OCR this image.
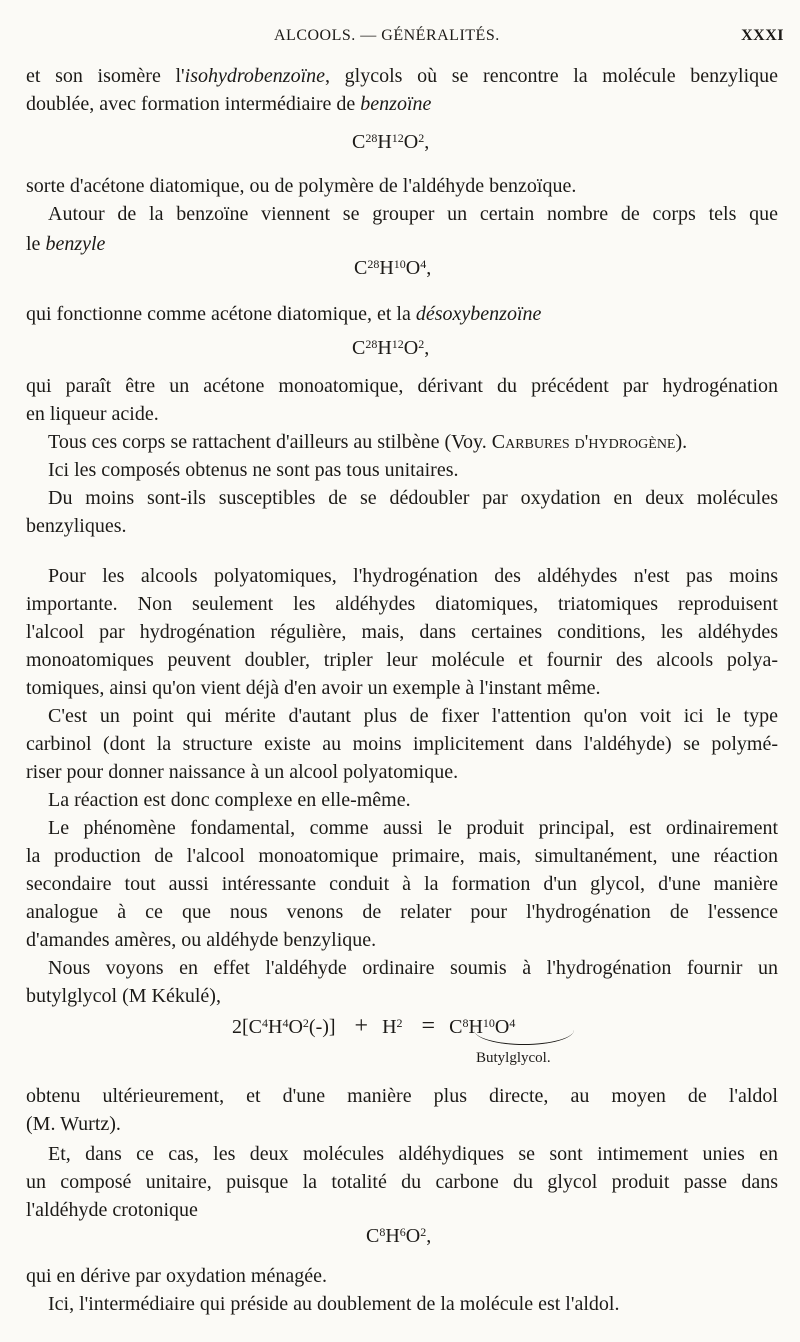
ALCOOLS. — GÉNÉRALITÉS.	XXXI
et son isomère l'isohydrobenzoïne, glycols où se rencontre la molécule benzylique
doublée, avec formation intermédiaire de benzoïne
$C^{28}H^{12}O^2$,
sorte d'acétone diatomique, ou de polymère de l'aldéhyde benzoïque.
Autour de la benzoïne viennent se grouper un certain nombre de corps tels que
le benzyle
$C^{28}H^{10}O^4$,
qui fonctionne comme acétone diatomique, et la désoxybenzoïne
$C^{28}H^{12}O^2$,
qui paraît être un acétone monoatomique, dérivant du précédent par hydrogénation
en liqueur acide.
Tous ces corps se rattachent d'ailleurs au stilbène (Voy. Carbures d'hydrogène).
Ici les composés obtenus ne sont pas tous unitaires.
Du moins sont-ils susceptibles de se dédoubler par oxydation en deux molécules
benzyliques.
Pour les alcools polyatomiques, l'hydrogénation des aldéhydes n'est pas moins
importante. Non seulement les aldéhydes diatomiques, triatomiques reproduisent
l'alcool par hydrogénation régulière, mais, dans certaines conditions, les aldéhydes
monoatomiques peuvent doubler, tripler leur molécule et fournir des alcools polya-
tomiques, ainsi qu'on vient déjà d'en avoir un exemple à l'instant même.
C'est un point qui mérite d'autant plus de fixer l'attention qu'on voit ici le type
carbinol (dont la structure existe au moins implicitement dans l'aldéhyde) se polymé-
riser pour donner naissance à un alcool polyatomique.
La réaction est donc complexe en elle-même.
Le phénomène fondamental, comme aussi le produit principal, est ordinairement
la production de l'alcool monoatomique primaire, mais, simultanément, une réaction
secondaire tout aussi intéressante conduit à la formation d'un glycol, d'une manière
analogue à ce que nous venons de relater pour l'hydrogénation de l'essence
d'amandes amères, ou aldéhyde benzylique.
Nous voyons en effet l'aldéhyde ordinaire soumis à l'hydrogénation fournir un
butylglycol (M Kékulé),
$2[C^4H^4O^2(-)] + H^2 = C^8H^{10}O^4$
Butylglycol.
obtenu ultérieurement, et d'une manière plus directe, au moyen de l'aldol
(M. Wurtz).
Et, dans ce cas, les deux molécules aldéhydiques se sont intimement unies en
un composé unitaire, puisque la totalité du carbone du glycol produit passe dans
l'aldéhyde crotonique
$C^8H^6O^2$,
qui en dérive par oxydation ménagée.
Ici, l'intermédiaire qui préside au doublement de la molécule est l'aldol.
